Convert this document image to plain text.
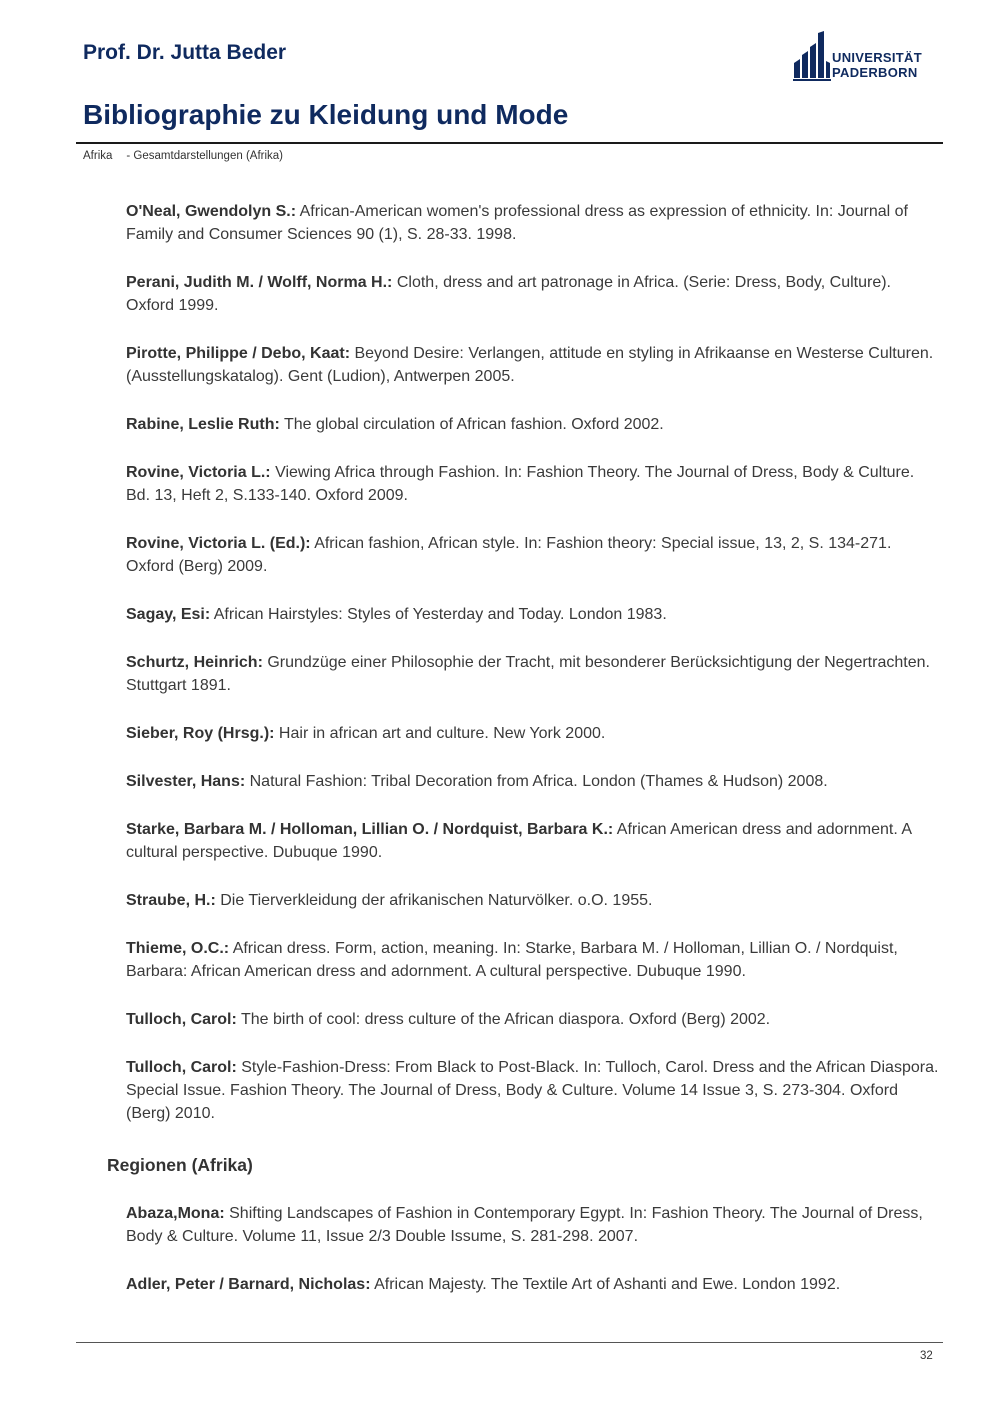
Prof. Dr. Jutta Beder	UNIVERSITÄT
PADERBORN
Bibliographie zu Kleidung und Mode
Afrika - Gesamtdarstellungen (Afrika)

O'Neal, Gwendolyn S.: African-American women's professional dress as expression of ethnicity. In: Journal of Family and Consumer Sciences 90 (1), S. 28-33. 1998.

Perani, Judith M. / Wolff, Norma H.: Cloth, dress and art patronage in Africa. (Serie: Dress, Body, Culture). Oxford 1999.

Pirotte, Philippe / Debo, Kaat: Beyond Desire: Verlangen, attitude en styling in Afrikaanse en Westerse Culturen. (Ausstellungskatalog). Gent (Ludion), Antwerpen 2005.

Rabine, Leslie Ruth: The global circulation of African fashion. Oxford 2002.

Rovine, Victoria L.: Viewing Africa through Fashion. In: Fashion Theory. The Journal of Dress, Body & Culture. Bd. 13, Heft 2, S.133-140. Oxford 2009.

Rovine, Victoria L. (Ed.): African fashion, African style. In: Fashion theory: Special issue, 13, 2, S. 134-271. Oxford (Berg) 2009.

Sagay, Esi: African Hairstyles: Styles of Yesterday and Today. London 1983.

Schurtz, Heinrich: Grundzüge einer Philosophie der Tracht, mit besonderer Berücksichtigung der Negertrachten. Stuttgart 1891.

Sieber, Roy (Hrsg.): Hair in african art and culture. New York 2000.

Silvester, Hans: Natural Fashion: Tribal Decoration from Africa. London (Thames & Hudson) 2008.

Starke, Barbara M. / Holloman, Lillian O. / Nordquist, Barbara K.: African American dress and adornment. A cultural perspective. Dubuque 1990.

Straube, H.: Die Tierverkleidung der afrikanischen Naturvölker. o.O. 1955.

Thieme, O.C.: African dress. Form, action, meaning. In: Starke, Barbara M. / Holloman, Lillian O. / Nordquist, Barbara: African American dress and adornment. A cultural perspective. Dubuque 1990.

Tulloch, Carol: The birth of cool: dress culture of the African diaspora. Oxford (Berg) 2002.

Tulloch, Carol: Style-Fashion-Dress: From Black to Post-Black. In: Tulloch, Carol. Dress and the African Diaspora. Special Issue. Fashion Theory. The Journal of Dress, Body & Culture. Volume 14 Issue 3, S. 273-304. Oxford (Berg) 2010.

Regionen (Afrika)

Abaza,Mona: Shifting Landscapes of Fashion in Contemporary Egypt. In: Fashion Theory. The Journal of Dress, Body & Culture. Volume 11, Issue 2/3 Double Issume, S. 281-298. 2007.

Adler, Peter / Barnard, Nicholas: African Majesty. The Textile Art of Ashanti and Ewe. London 1992.

32
